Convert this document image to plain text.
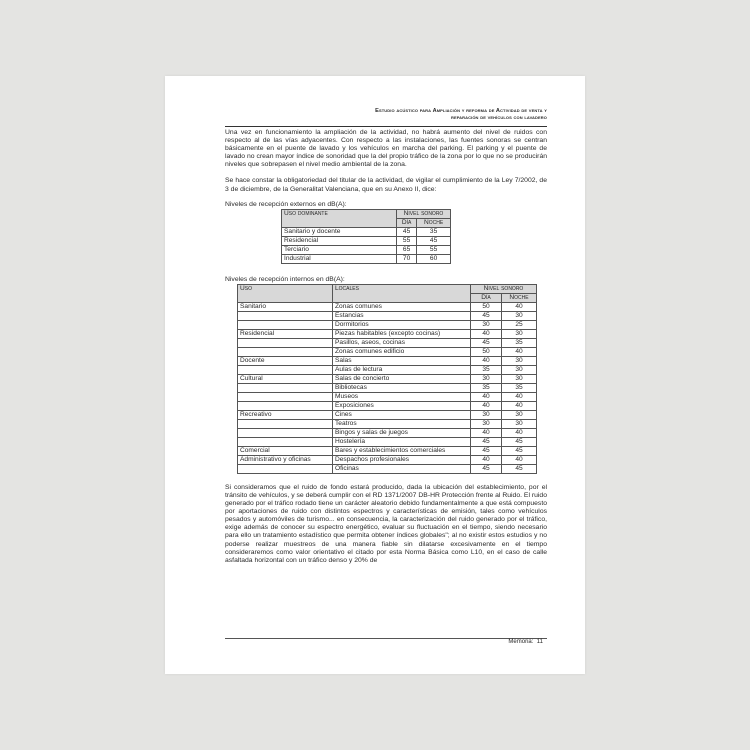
Estudio acústico para Ampliación y reforma de Actividad de venta y
reparación de vehículos con lavadero

Una vez en funcionamiento la ampliación de la actividad, no habrá aumento del nivel de ruidos con respecto al de las vías adyacentes. Con respecto a las instalaciones, las fuentes sonoras se centran básicamente en el puente de lavado y los vehículos en marcha del parking. El parking y el puente de lavado no crean mayor índice de sonoridad que la del propio tráfico de la zona por lo que no se producirán niveles que sobrepasen el nivel medio ambiental de la zona.

Se hace constar la obligatoriedad del titular de la actividad, de vigilar el cumplimiento de la Ley 7/2002, de 3 de diciembre, de la Generalitat Valenciana, que en su Anexo II, dice:

Niveles de recepción externos en dB(A):

Uso dominante	Nivel sonoro	
	Día	Noche
Sanitario y docente	45	35
Residencial	55	45
Terciario	65	55
Industrial	70	60

Niveles de recepción internos en dB(A):

Uso	Locales	Nivel sonoro	
		Día	Noche
Sanitario	Zonas comunes	50	40
	Estancias	45	30
	Dormitorios	30	25
Residencial	Piezas habitables (excepto cocinas)	40	30
	Pasillos, aseos, cocinas	45	35
	Zonas comunes edificio	50	40
Docente	Salas	40	30
	Aulas de lectura	35	30
Cultural	Salas de concierto	30	30
	Bibliotecas	35	35
	Museos	40	40
	Exposiciones	40	40
Recreativo	Cines	30	30
	Teatros	30	30
	Bingos y salas de juegos	40	40
	Hostelería	45	45
Comercial	Bares y establecimientos comerciales	45	45
Administrativo y oficinas	Despachos profesionales	40	40
	Oficinas	45	45

Si consideramos que el ruido de fondo estará producido, dada la ubicación del establecimiento, por el tránsito de vehículos, y se deberá cumplir con el RD 1371/2007 DB-HR Protección frente al Ruido. El ruido generado por el tráfico rodado tiene un carácter aleatorio debido fundamentalmente a que está compuesto por aportaciones de ruido con distintos espectros y características de emisión, tales como vehículos pesados y automóviles de turismo... en consecuencia, la caracterización del ruido generado por el tráfico, exige además de conocer su espectro energético, evaluar su fluctuación en el tiempo, siendo necesario para ello un tratamiento estadístico que permita obtener índices globales"; al no existir estos estudios y no poderse realizar muestreos de una manera fiable sin dilatarse excesivamente en el tiempo consideraremos como valor orientativo el citado por esta Norma Básica como L10, en el caso de calle asfaltada horizontal con un tráfico denso y 20% de

Memoria:  11
